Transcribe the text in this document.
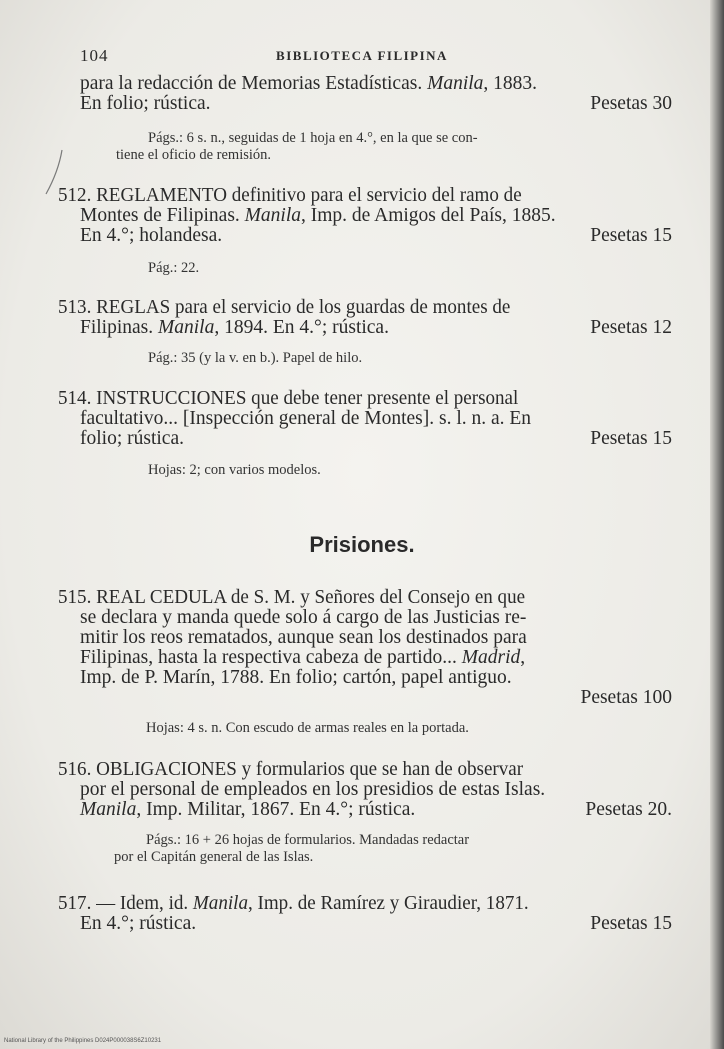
104	BIBLIOTECA FILIPINA
para la redacción de Memorias Estadísticas. Manila, 1883.
En folio; rústica.	Pesetas 30
Págs.: 6 s. n., seguidas de 1 hoja en 4.°, en la que se con-
tiene el oficio de remisión.
512. REGLAMENTO definitivo para el servicio del ramo de
Montes de Filipinas. Manila, Imp. de Amigos del País, 1885.
En 4.°; holandesa.	Pesetas 15
Pág.: 22.
513. REGLAS para el servicio de los guardas de montes de
Filipinas. Manila, 1894. En 4.°; rústica.	Pesetas 12
Pág.: 35 (y la v. en b.). Papel de hilo.
514. INSTRUCCIONES que debe tener presente el personal
facultativo... [Inspección general de Montes]. s. l. n. a. En
folio; rústica.	Pesetas 15
Hojas: 2; con varios modelos.
Prisiones.
515. REAL CEDULA de S. M. y Señores del Consejo en que
se declara y manda quede solo á cargo de las Justicias re-
mitir los reos rematados, aunque sean los destinados para
Filipinas, hasta la respectiva cabeza de partido... Madrid,
Imp. de P. Marín, 1788. En folio; cartón, papel antiguo.
Pesetas 100
Hojas: 4 s. n. Con escudo de armas reales en la portada.
516. OBLIGACIONES y formularios que se han de observar
por el personal de empleados en los presidios de estas Islas.
Manila, Imp. Militar, 1867. En 4.°; rústica.	Pesetas 20.
Págs.: 16 + 26 hojas de formularios. Mandadas redactar
por el Capitán general de las Islas.
517. — Idem, id. Manila, Imp. de Ramírez y Giraudier, 1871.
En 4.°; rústica.	Pesetas 15
National Library of the Philippines D024P000038S6Z10231
